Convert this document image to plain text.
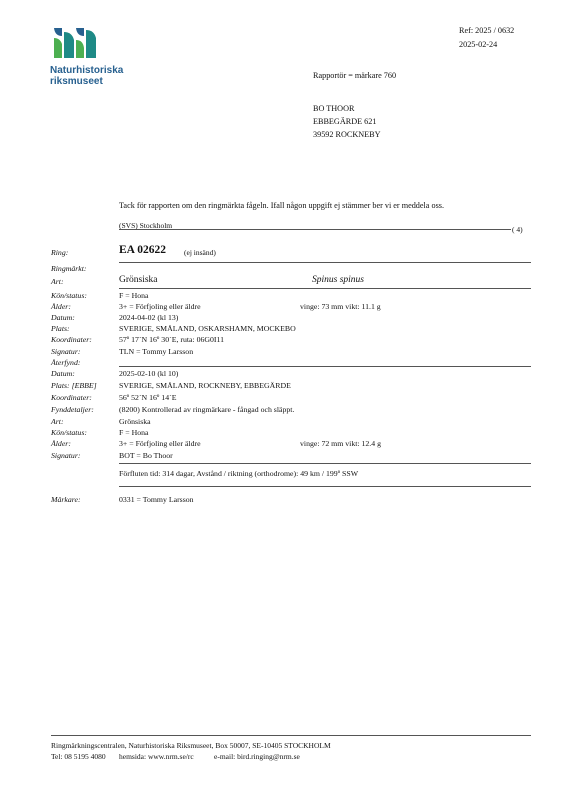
Naturhistoriska
riksmuseet
Ref: 2025 / 0632
2025-02-24
Rapportör = märkare 760
BO THOOR
EBBEGÄRDE 621
39592 ROCKNEBY
Tack för rapporten om den ringmärkta fågeln. Ifall någon uppgift ej stämmer ber vi er meddela oss.
(SVS) Stockholm	( 4)
Ring:	EA 02622 (ej insänd)
Ringmärkt:
Art:	Grönsiska	Spinus spinus
Kön/status:	F = Hona
Ålder:	3+ = Förfjoling eller äldre	vinge: 73 mm vikt: 11.1 g
Datum:	2024-04-02 (kl 13)
Plats:	SVERIGE, SMÅLAND, OSKARSHAMN, MOCKEBO
Koordinater:	57º 17´N 16º 30´E, ruta: 06G0I11
Signatur:	TLN = Tommy Larsson
Återfynd:
Datum:	2025-02-10 (kl 10)
Plats: [EBBE]	SVERIGE, SMÅLAND, ROCKNEBY, EBBEGÄRDE
Koordinater:	56º 52´N 16º 14´E
Fynddetaljer:	(8200) Kontrollerad av ringmärkare - fångad och släppt.
Art:	Grönsiska
Kön/status:	F = Hona
Ålder:	3+ = Förfjoling eller äldre	vinge: 72 mm vikt: 12.4 g
Signatur:	BOT = Bo Thoor
Förfluten tid: 314 dagar, Avstånd / riktning (orthodrome): 49 km / 199º SSW
Märkare:	0331 = Tommy Larsson
Ringmärkningscentralen, Naturhistoriska Riksmuseet, Box 50007, SE-10405 STOCKHOLM
Tel: 08 5195 4080 hemsida: www.nrm.se/rc	e-mail: bird.ringing@nrm.se
